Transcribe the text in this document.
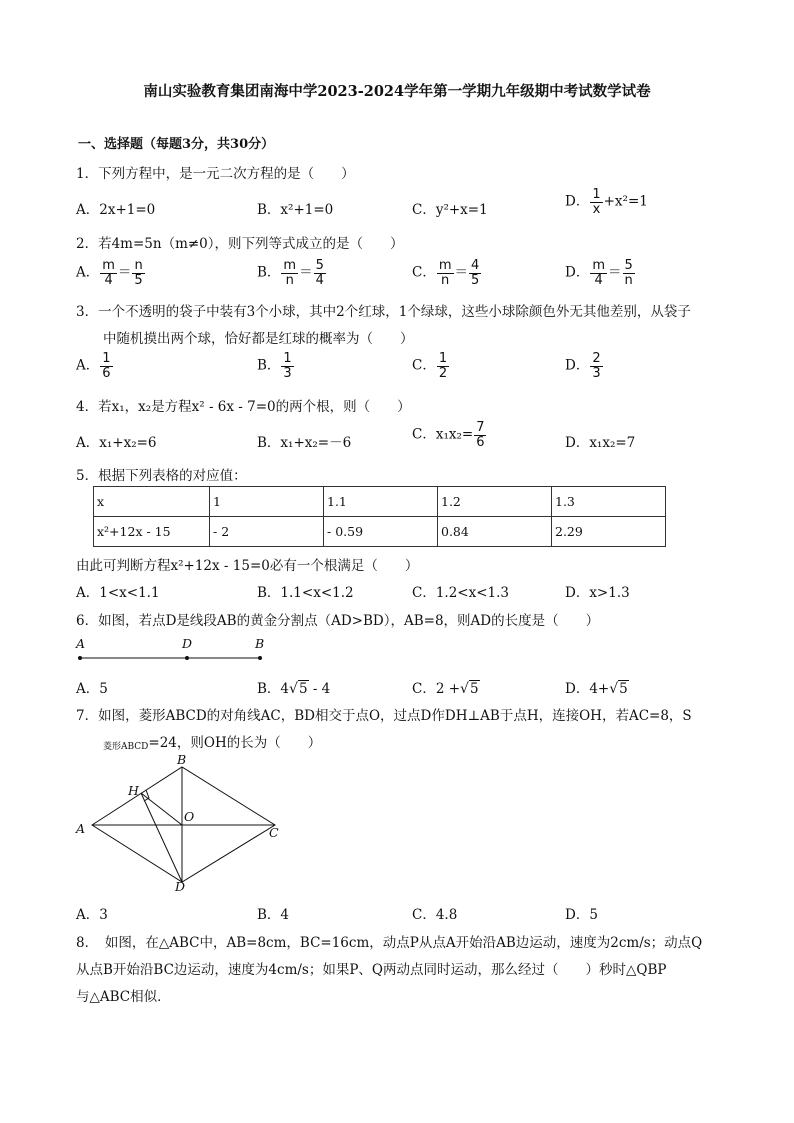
南山实验教育集团南海中学2023-2024学年第一学期九年级期中考试数学试卷
一、选择题（每题3分，共30分）
1．下列方程中，是一元二次方程的是（　　）
A．2x+1=0	B．x²+1=0	C．y²+x=1
D． $\frac{1}{x} +x^2=1$
2．若4m=5n（m≠0），则下列等式成立的是（　　）
A． $\frac{m}{4} = \frac{n}{5}$	B． $\frac{m}{n} = \frac{5}{4}$	C． $\frac{m}{n} = \frac{4}{5}$	D． $\frac{m}{4} = \frac{5}{n}$
3．一个不透明的袋子中装有3个小球，其中2个红球，1个绿球，这些小球除颜色外无其他差别，从袋子
中随机摸出两个球，恰好都是红球的概率为（　　）
A． $\frac{1}{6}$	B． $\frac{1}{3}$	C． $\frac{1}{2}$	D． $\frac{2}{3}$
4．若x₁，x₂是方程x² - 6x - 7=0的两个根，则（　　）
A．x₁+x₂=6	B．x₁+x₂=－6
C．$x_1x_2= \frac{7}{6}$	D．x₁x₂=7
5．根据下列表格的对应值：
x	1	1.1	1.2	1.3
x²+12x - 15	- 2	- 0.59	0.84	2.29
由此可判断方程x²+12x - 15=0必有一个根满足（　　）
A．1<x<1.1	B．1.1<x<1.2	C．1.2<x<1.3	D．x>1.3
6．如图，若点D是线段AB的黄金分割点（AD>BD），AB=8，则AD的长度是（　　）
A	D	B
A．5	B．4√5 - 4	C．2 +√5	D．4+√5
7．如图，菱形ABCD的对角线AC，BD相交于点O，过点D作DH⊥AB于点H，连接OH，若AC=8，S
菱形ABCD=24，则OH的长为（　　）
B
H
O
A	C
D
A．3	B．4	C．4.8	D．5
8．　如图，在△ABC中，AB=8cm，BC=16cm，动点P从点A开始沿AB边运动，速度为2cm/s；动点Q
从点B开始沿BC边运动，速度为4cm/s；如果P、Q两动点同时运动，那么经过（　　）秒时△QBP
与△ABC相似．
